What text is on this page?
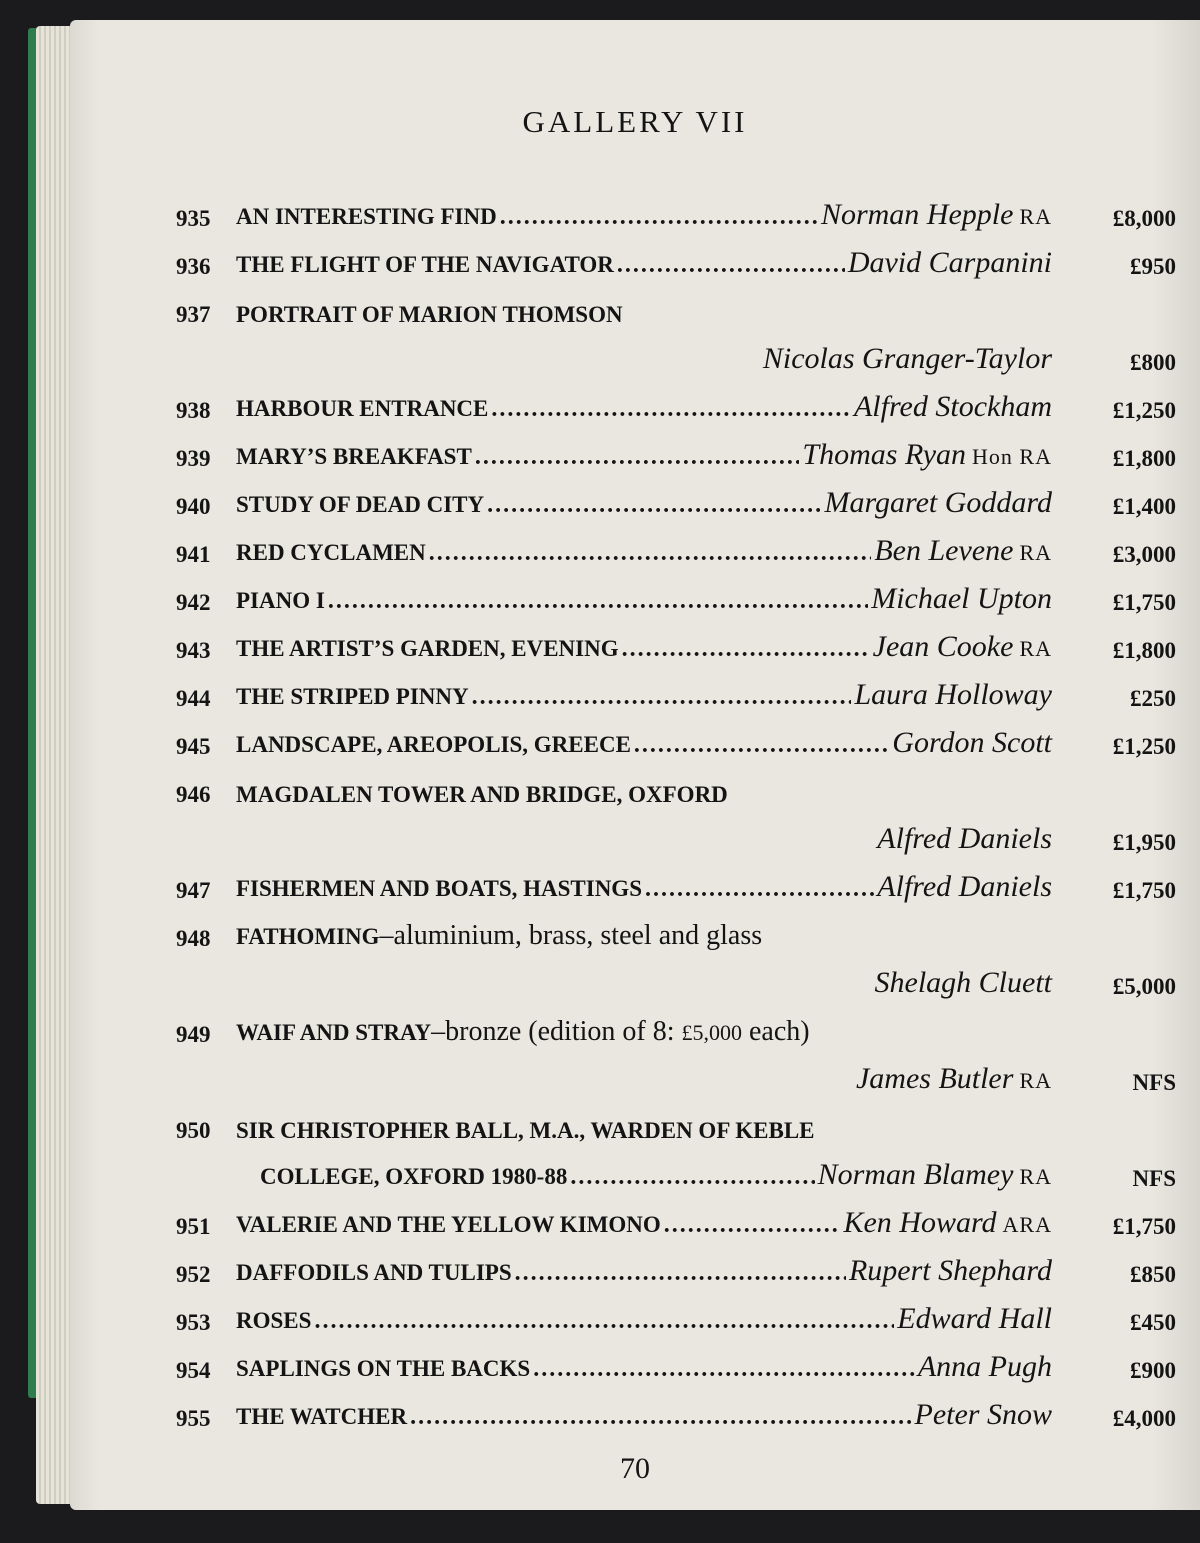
GALLERY VII
935 AN INTERESTING FIND .....	Norman Hepple RA	£8,000
936 THE FLIGHT OF THE NAVIGATOR .....	David Carpanini	£950
937 PORTRAIT OF MARION THOMSON
Nicolas Granger-Taylor	£800
938 HARBOUR ENTRANCE .....	Alfred Stockham	£1,250
939 MARY’S BREAKFAST .....	Thomas Ryan Hon RA	£1,800
940 STUDY OF DEAD CITY .....	Margaret Goddard	£1,400
941 RED CYCLAMEN .....	Ben Levene RA	£3,000
942 PIANO I .....	Michael Upton	£1,750
943 THE ARTIST’S GARDEN, EVENING .....	Jean Cooke RA	£1,800
944 THE STRIPED PINNY .....	Laura Holloway	£250
945 LANDSCAPE, AREOPOLIS, GREECE .....	Gordon Scott	£1,250
946 MAGDALEN TOWER AND BRIDGE, OXFORD
Alfred Daniels	£1,950
947 FISHERMEN AND BOATS, HASTINGS .....	Alfred Daniels	£1,750
948 FATHOMING –aluminium, brass, steel and glass
Shelagh Cluett	£5,000
949 WAIF AND STRAY –bronze (edition of 8: £5,000 each)
James Butler RA	NFS
950 SIR CHRISTOPHER BALL, M.A., WARDEN OF KEBLE
COLLEGE, OXFORD 1980-88 .....	Norman Blamey RA	NFS
951 VALERIE AND THE YELLOW KIMONO .....	Ken Howard ARA	£1,750
952 DAFFODILS AND TULIPS .....	Rupert Shephard	£850
953 ROSES .....	Edward Hall	£450
954 SAPLINGS ON THE BACKS .....	Anna Pugh	£900
955 THE WATCHER .....	Peter Snow	£4,000
70
